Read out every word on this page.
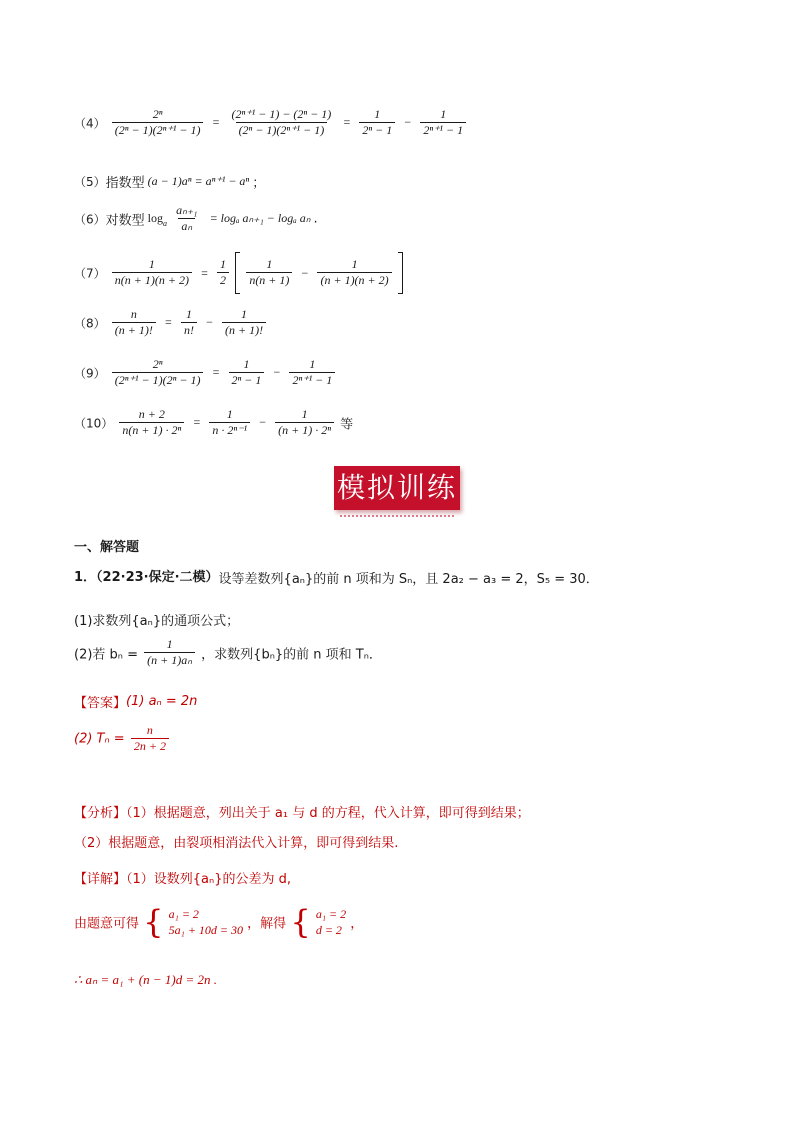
$(4) \frac{\text{2ⁿ}}{\text{(2ⁿ − 1)(2ⁿ⁺¹ − 1)}} = \frac{\text{(2ⁿ⁺¹ − 1) − (2ⁿ − 1)}}{\text{(2ⁿ − 1)(2ⁿ⁺¹ − 1)}} = \frac{1}{\text{2ⁿ − 1}} - \frac{1}{\text{2ⁿ⁺¹ − 1}}$
（5）指数型 (a − 1)aⁿ = aⁿ⁺¹ − aⁿ ；
（6）对数型 $\log_a \frac{\text{aₙ₊₁}}{\text{aₙ}} = \log_a$ aₙ₊₁ − logₐ aₙ .
$(7) \frac{1}{n(n + 1)(n + 2)} = \frac{1}{2}$
$\frac{1}{n(n + 1)} - \frac{1}{(n + 1)(n + 2)}$

$(8) \frac{n}{(n + 1)!} = \frac{1}{n!} - \frac{1}{(n + 1)!}$
$(9) \frac{\text{2ⁿ}}{\text{(2ⁿ⁺¹ − 1)(2ⁿ − 1)}} = \frac{1}{\text{2ⁿ − 1}} - \frac{1}{\text{2ⁿ⁺¹ − 1}}$
$(10) \frac{n + 2}{\text{n(n + 1) · 2ⁿ}} = \frac{1}{\text{n · 2ⁿ⁻¹}} - \frac{1}{\text{(n + 1) · 2ⁿ}}$ 等
模拟训练
一、解答题
1．（22·23·保定·二模）设等差数列{aₙ}的前 n 项和为 Sₙ，且 2a₂ − a₃ = 2，S₅ = 30．
(1)求数列{aₙ}的通项公式；
(2)若 $b_n = \frac{1}{\text{(n + 1)aₙ}}$ ，求数列{bₙ}的前 n 项和 Tₙ．
【答案】(1) aₙ = 2n
(2) $T_n = \frac{n}{2n + 2}$
【分析】（1）根据题意，列出关于 a₁ 与 d 的方程，代入计算，即可得到结果；
（2）根据题意，由裂项相消法代入计算，即可得到结果.
【详解】（1）设数列{aₙ}的公差为 d,
由题意可得 { a₁ = 2
5a₁ + 10d = 30 ，解得 { a₁ = 2
d = 2 ，
∴ aₙ = a₁ + (n − 1)d = 2n .
